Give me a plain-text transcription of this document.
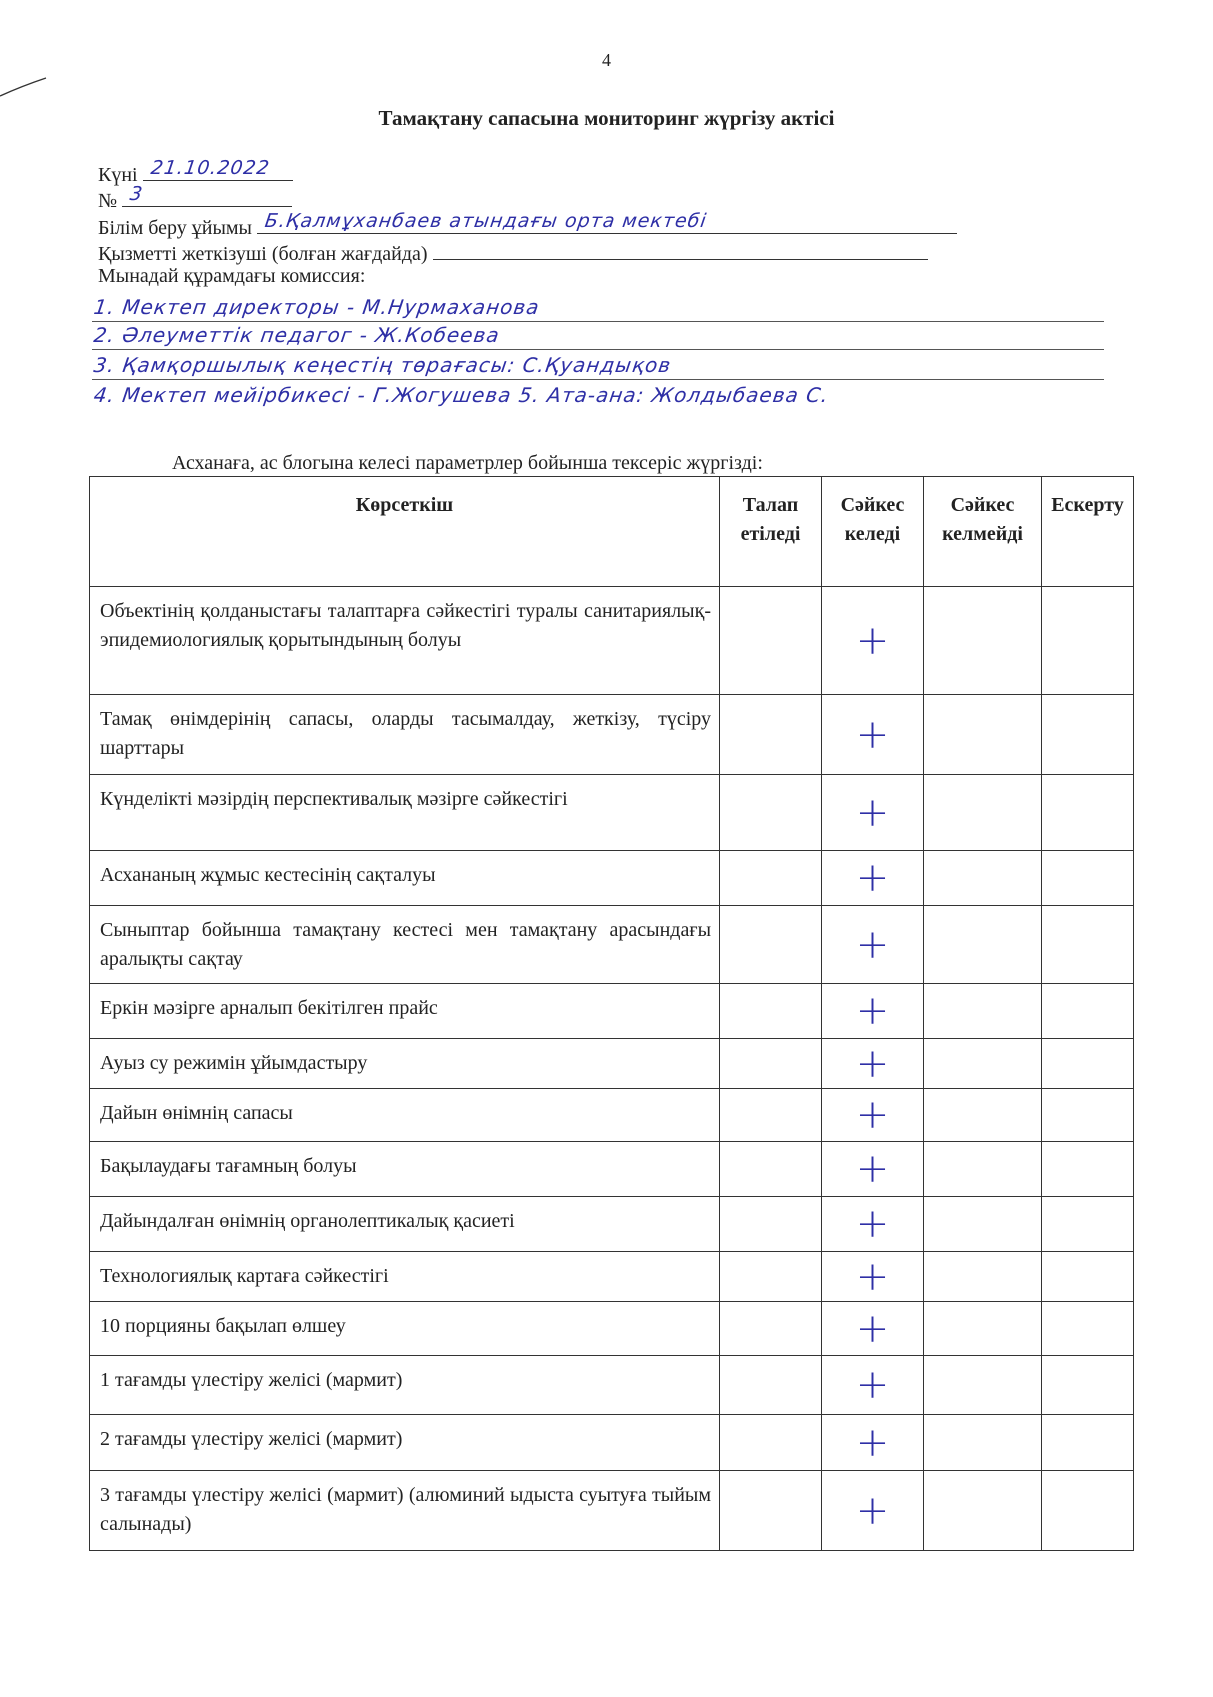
4
Тамақтану сапасына мониторинг жүргізу актісі
Күні 21.10.2022
№ 3
Білім беру ұйымы Б.Қалмұханбаев атындағы орта мектебі
Қызметті жеткізуші (болған жағдайда)
Мынадай құрамдағы комиссия:
1. Мектеп директоры - М.Нурмаханова
2. Әлеуметтік педагог - Ж.Кобеева
3. Қамқоршылық кеңестің төрағасы: С.Қуандықов
4. Мектеп мейірбикесі - Г.Жогушева 5. Ата-ана: Жолдыбаева С.
Асханаға, ас блогына келесі параметрлер бойынша тексеріс жүргізді:
Көрсеткіш	Талап етіледі	Сәйкес келеді	Сәйкес келмейді	Ескерту
Объектінің қолданыстағы талаптарға сәйкестігі туралы санитариялық-эпидемиологиялық қорытындының болуы		+		
Тамақ өнімдерінің сапасы, оларды тасымалдау, жеткізу, түсіру шарттары		+		
Күнделікті мәзірдің перспективалық мәзірге сәйкестігі		+		
Асхананың жұмыс кестесінің сақталуы		+		
Сыныптар бойынша тамақтану кестесі мен тамақтану арасындағы аралықты сақтау		+		
Еркін мәзірге арналып бекітілген прайс		+		
Ауыз су режимін ұйымдастыру		+		
Дайын өнімнің сапасы		+		
Бақылаудағы тағамның болуы		+		
Дайындалған өнімнің органолептикалық қасиеті		+		
Технологиялық картаға сәйкестігі		+		
10 порцияны бақылап өлшеу		+		
1 тағамды үлестіру желісі (мармит)		+		
2 тағамды үлестіру желісі (мармит)		+		
3 тағамды үлестіру желісі (мармит) (алюминий ыдыста суытуға тыйым салынады)		+		
